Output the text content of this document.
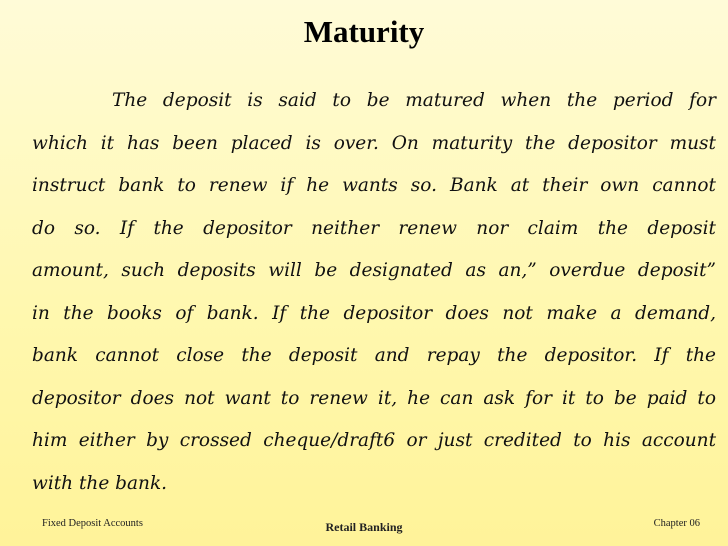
Maturity
The deposit is said to be matured when the period for
which it has been placed is over. On maturity the depositor must
instruct bank to renew if he wants so. Bank at their own cannot
do so. If the depositor neither renew nor claim the deposit
amount, such deposits will be designated as an,” overdue deposit”
in the books of bank. If the depositor does not make a demand,
bank cannot close the deposit and repay the depositor. If the
depositor does not want to renew it, he can ask for it to be paid to
him either by crossed cheque/draft6 or just credited to his account
with the bank.
Fixed Deposit Accounts	Retail Banking	Chapter 06
